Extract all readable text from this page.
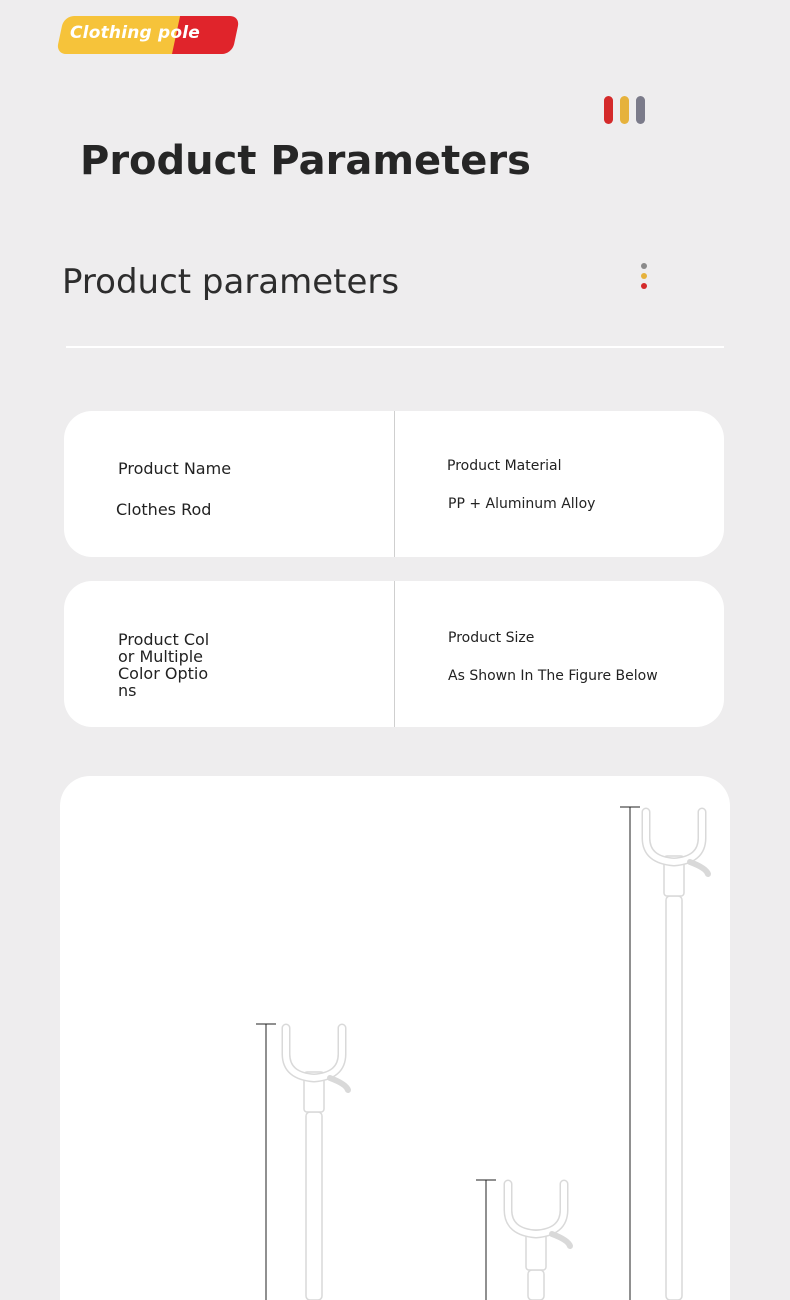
Clothing pole
Product Parameters
Product parameters
Product Name
Clothes Rod
Product Material
PP + Aluminum Alloy
Product Col or Multiple Color Optio ns
Product Size
As Shown In The Figure Below
